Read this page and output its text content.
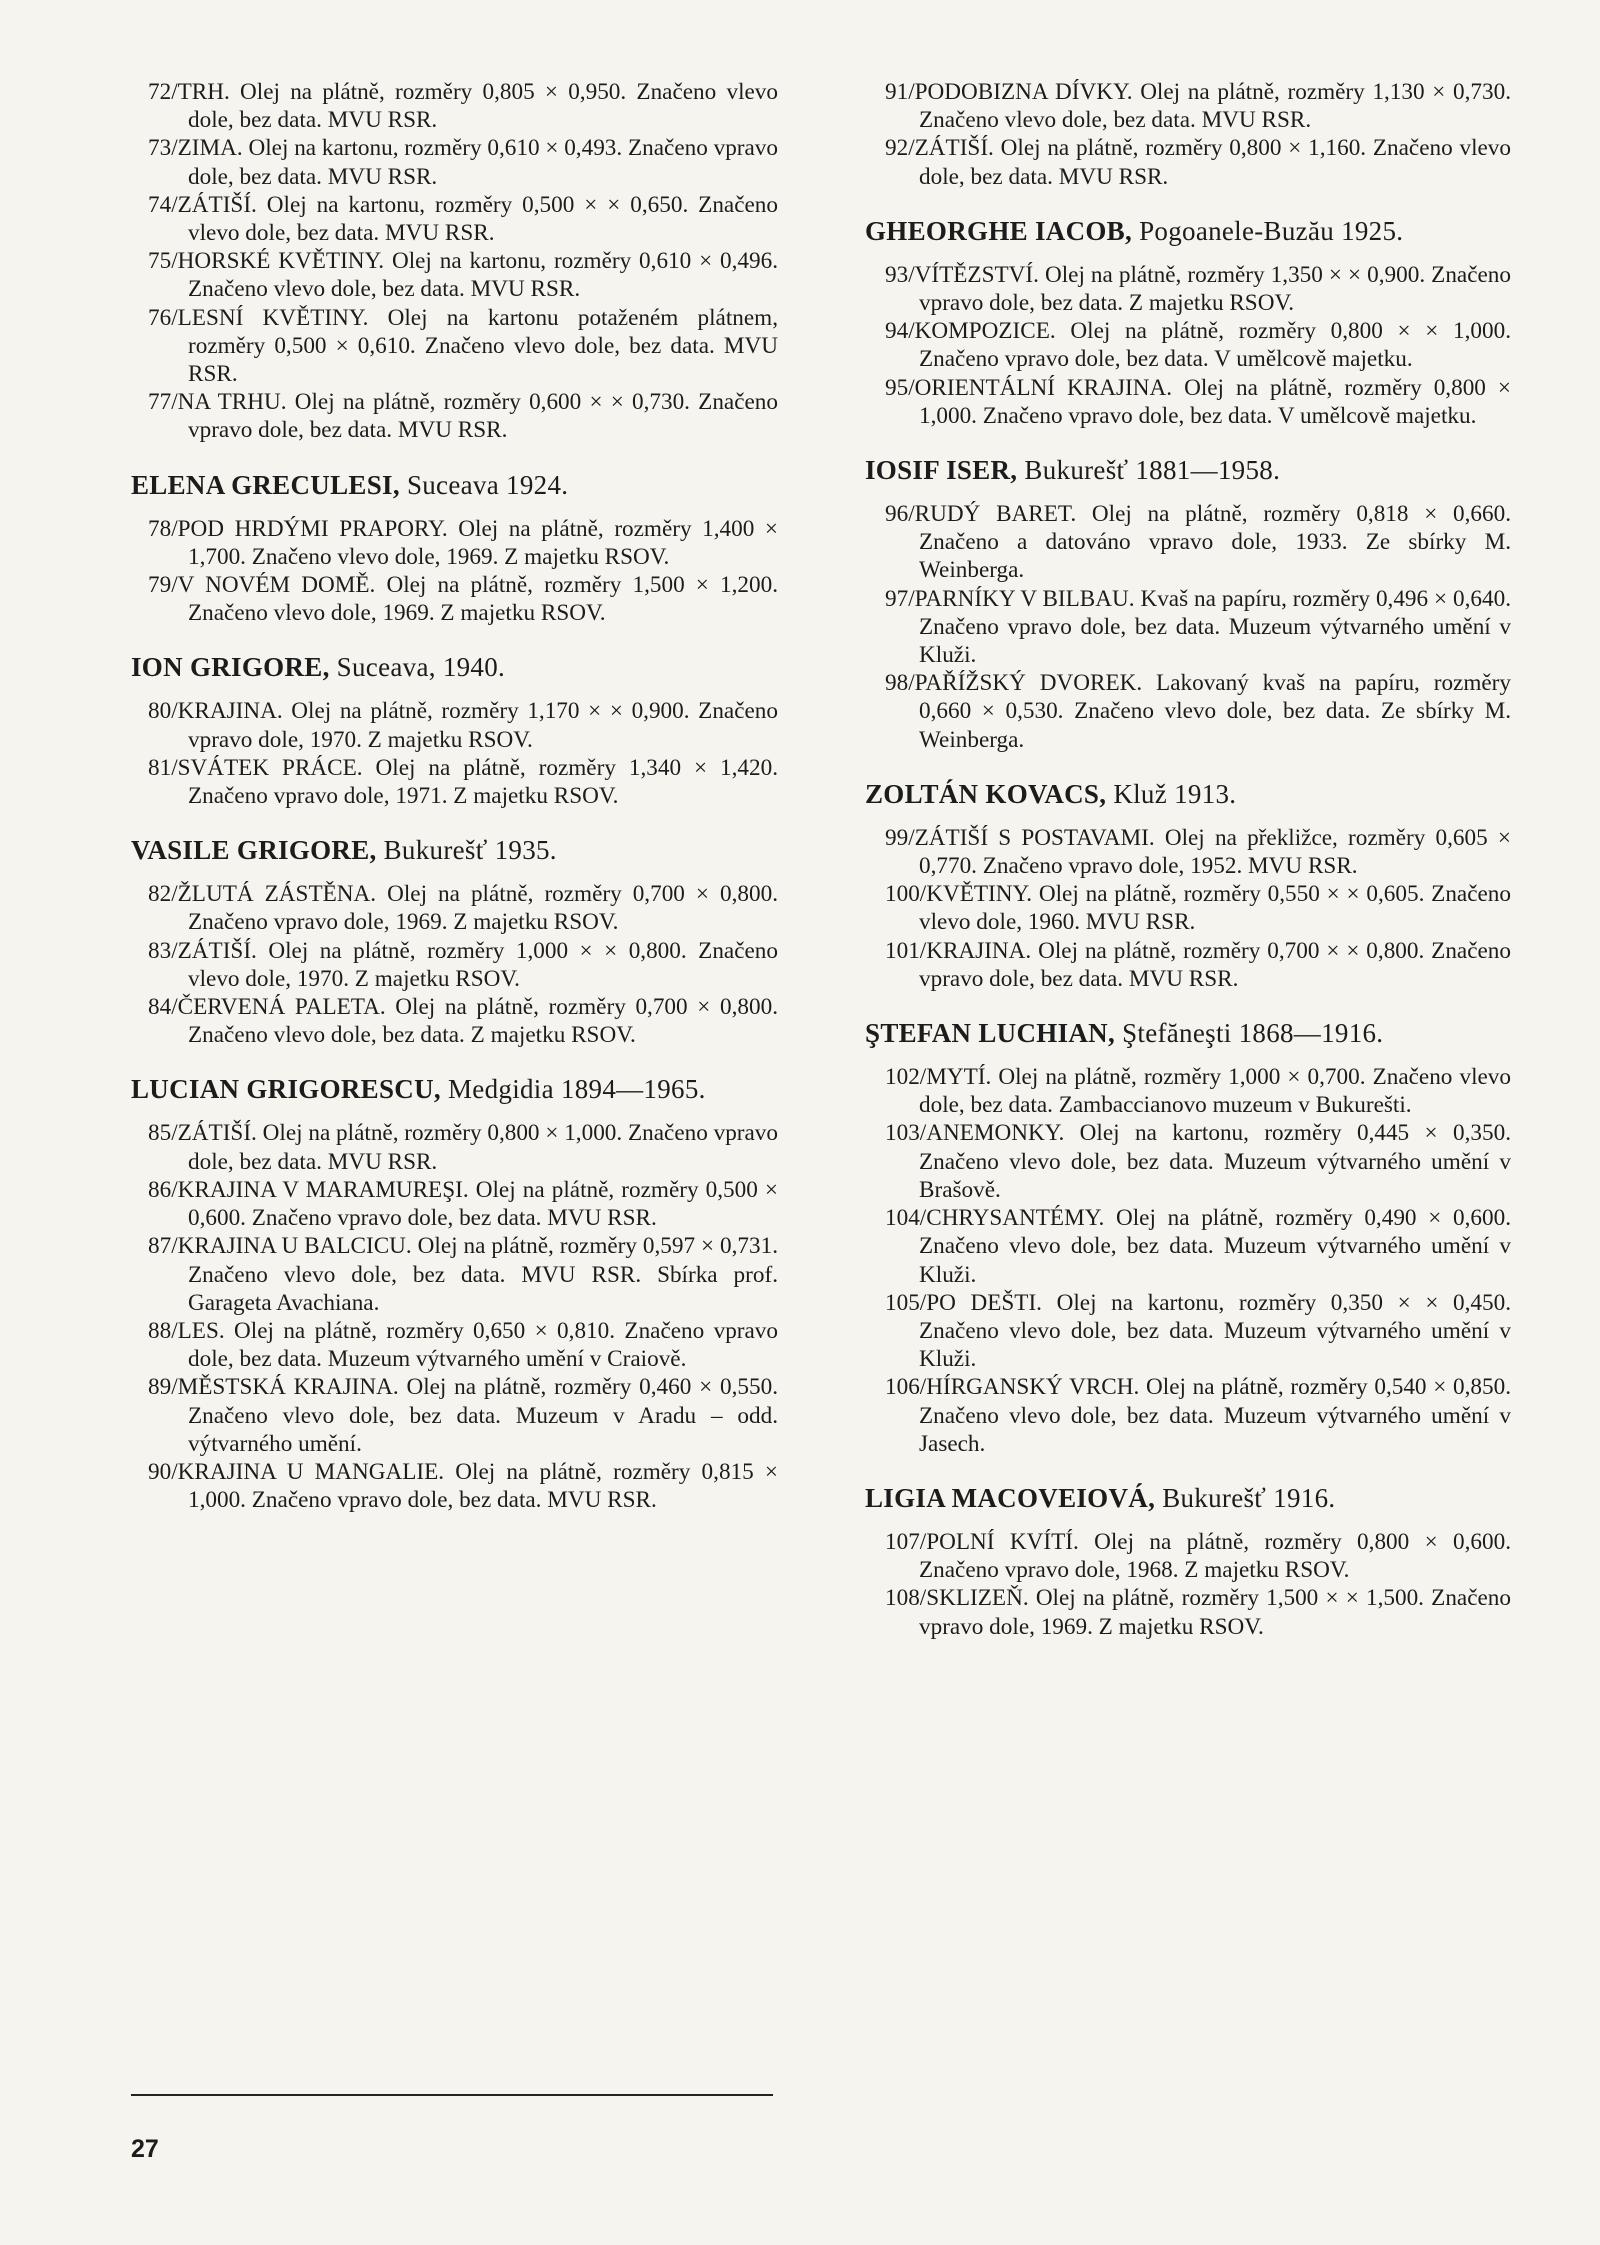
72/TRH. Olej na plátně, rozměry 0,805 × 0,950. Značeno vlevo dole, bez data. MVU RSR.

73/ZIMA. Olej na kartonu, rozměry 0,610 × 0,493. Značeno vpravo dole, bez data. MVU RSR.

74/ZÁTIŠÍ. Olej na kartonu, rozměry 0,500 × × 0,650. Značeno vlevo dole, bez data. MVU RSR.

75/HORSKÉ KVĚTINY. Olej na kartonu, rozměry 0,610 × 0,496. Značeno vlevo dole, bez data. MVU RSR.

76/LESNÍ KVĚTINY. Olej na kartonu potaženém plátnem, rozměry 0,500 × 0,610. Značeno vlevo dole, bez data. MVU RSR.

77/NA TRHU. Olej na plátně, rozměry 0,600 × × 0,730. Značeno vpravo dole, bez data. MVU RSR.

ELENA GRECULESI, Suceava 1924.

78/POD HRDÝMI PRAPORY. Olej na plátně, rozměry 1,400 × 1,700. Značeno vlevo dole, 1969. Z majetku RSOV.

79/V NOVÉM DOMĚ. Olej na plátně, rozměry 1,500 × 1,200. Značeno vlevo dole, 1969. Z majetku RSOV.

ION GRIGORE, Suceava, 1940.

80/KRAJINA. Olej na plátně, rozměry 1,170 × × 0,900. Značeno vpravo dole, 1970. Z majetku RSOV.

81/SVÁTEK PRÁCE. Olej na plátně, rozměry 1,340 × 1,420. Značeno vpravo dole, 1971. Z majetku RSOV.

VASILE GRIGORE, Bukurešť 1935.

82/ŽLUTÁ ZÁSTĚNA. Olej na plátně, rozměry 0,700 × 0,800. Značeno vpravo dole, 1969. Z majetku RSOV.

83/ZÁTIŠÍ. Olej na plátně, rozměry 1,000 × × 0,800. Značeno vlevo dole, 1970. Z majetku RSOV.

84/ČERVENÁ PALETA. Olej na plátně, rozměry 0,700 × 0,800. Značeno vlevo dole, bez data. Z majetku RSOV.

LUCIAN GRIGORESCU, Medgidia 1894—1965.

85/ZÁTIŠÍ. Olej na plátně, rozměry 0,800 × 1,000. Značeno vpravo dole, bez data. MVU RSR.

86/KRAJINA V MARAMUREŞI. Olej na plátně, rozměry 0,500 × 0,600. Značeno vpravo dole, bez data. MVU RSR.

87/KRAJINA U BALCICU. Olej na plátně, rozměry 0,597 × 0,731. Značeno vlevo dole, bez data. MVU RSR. Sbírka prof. Garageta Avachiana.

88/LES. Olej na plátně, rozměry 0,650 × 0,810. Značeno vpravo dole, bez data. Muzeum výtvarného umění v Craiově.

89/MĚSTSKÁ KRAJINA. Olej na plátně, rozměry 0,460 × 0,550. Značeno vlevo dole, bez data. Muzeum v Aradu – odd. výtvarného umění.

90/KRAJINA U MANGALIE. Olej na plátně, rozměry 0,815 × 1,000. Značeno vpravo dole, bez data. MVU RSR.

91/PODOBIZNA DÍVKY. Olej na plátně, rozměry 1,130 × 0,730. Značeno vlevo dole, bez data. MVU RSR.

92/ZÁTIŠÍ. Olej na plátně, rozměry 0,800 × 1,160. Značeno vlevo dole, bez data. MVU RSR.

GHEORGHE IACOB, Pogoanele-Buzău 1925.

93/VÍTĚZSTVÍ. Olej na plátně, rozměry 1,350 × × 0,900. Značeno vpravo dole, bez data. Z majetku RSOV.

94/KOMPOZICE. Olej na plátně, rozměry 0,800 × × 1,000. Značeno vpravo dole, bez data. V umělcově majetku.

95/ORIENTÁLNÍ KRAJINA. Olej na plátně, rozměry 0,800 × 1,000. Značeno vpravo dole, bez data. V umělcově majetku.

IOSIF ISER, Bukurešť 1881—1958.

96/RUDÝ BARET. Olej na plátně, rozměry 0,818 × 0,660. Značeno a datováno vpravo dole, 1933. Ze sbírky M. Weinberga.

97/PARNÍKY V BILBAU. Kvaš na papíru, rozměry 0,496 × 0,640. Značeno vpravo dole, bez data. Muzeum výtvarného umění v Kluži.

98/PAŘÍŽSKÝ DVOREK. Lakovaný kvaš na papíru, rozměry 0,660 × 0,530. Značeno vlevo dole, bez data. Ze sbírky M. Weinberga.

ZOLTÁN KOVACS, Kluž 1913.

99/ZÁTIŠÍ S POSTAVAMI. Olej na překližce, rozměry 0,605 × 0,770. Značeno vpravo dole, 1952. MVU RSR.

100/KVĚTINY. Olej na plátně, rozměry 0,550 × × 0,605. Značeno vlevo dole, 1960. MVU RSR.

101/KRAJINA. Olej na plátně, rozměry 0,700 × × 0,800. Značeno vpravo dole, bez data. MVU RSR.

ŞTEFAN LUCHIAN, Ştefăneşti 1868—1916.

102/MYTÍ. Olej na plátně, rozměry 1,000 × 0,700. Značeno vlevo dole, bez data. Zambaccianovo muzeum v Bukurešti.

103/ANEMONKY. Olej na kartonu, rozměry 0,445 × 0,350. Značeno vlevo dole, bez data. Muzeum výtvarného umění v Brašově.

104/CHRYSANTÉMY. Olej na plátně, rozměry 0,490 × 0,600. Značeno vlevo dole, bez data. Muzeum výtvarného umění v Kluži.

105/PO DEŠTI. Olej na kartonu, rozměry 0,350 × × 0,450. Značeno vlevo dole, bez data. Muzeum výtvarného umění v Kluži.

106/HÍRGANSKÝ VRCH. Olej na plátně, rozměry 0,540 × 0,850. Značeno vlevo dole, bez data. Muzeum výtvarného umění v Jasech.

LIGIA MACOVEIOVÁ, Bukurešť 1916.

107/POLNÍ KVÍTÍ. Olej na plátně, rozměry 0,800 × 0,600. Značeno vpravo dole, 1968. Z majetku RSOV.

108/SKLIZEŇ. Olej na plátně, rozměry 1,500 × × 1,500. Značeno vpravo dole, 1969. Z majetku RSOV.

27
